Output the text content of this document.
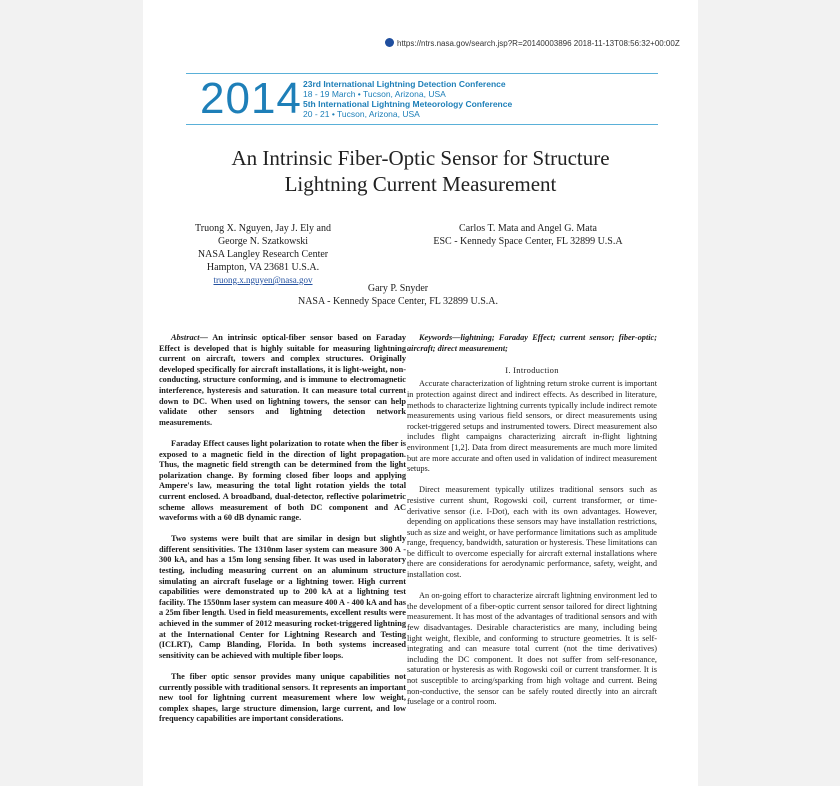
https://ntrs.nasa.gov/search.jsp?R=20140003896 2018-11-13T08:56:32+00:00Z
2014 23rd International Lightning Detection Conference
18 - 19 March • Tucson, Arizona, USA
5th International Lightning Meteorology Conference
20 - 21 • Tucson, Arizona, USA
An Intrinsic Fiber-Optic Sensor for Structure
Lightning Current Measurement
Truong X. Nguyen, Jay J. Ely and
George N. Szatkowski
NASA Langley Research Center
Hampton, VA 23681 U.S.A.
truong.x.nguyen@nasa.gov
Carlos T. Mata and Angel G. Mata
ESC - Kennedy Space Center, FL 32899 U.S.A
Gary P. Snyder
NASA - Kennedy Space Center, FL 32899 U.S.A.

Abstract— An intrinsic optical-fiber sensor based on Faraday Effect is developed that is highly suitable for measuring lightning current on aircraft, towers and complex structures. Originally developed specifically for aircraft installations, it is light-weight, non-conducting, structure conforming, and is immune to electromagnetic interference, hysteresis and saturation. It can measure total current down to DC. When used on lightning towers, the sensor can help validate other sensors and lightning detection network measurements.

Faraday Effect causes light polarization to rotate when the fiber is exposed to a magnetic field in the direction of light propagation. Thus, the magnetic field strength can be determined from the light polarization change. By forming closed fiber loops and applying Ampere's law, measuring the total light rotation yields the total current enclosed. A broadband, dual-detector, reflective polarimetric scheme allows measurement of both DC component and AC waveforms with a 60 dB dynamic range.

Two systems were built that are similar in design but slightly different sensitivities. The 1310nm laser system can measure 300 A - 300 kA, and has a 15m long sensing fiber. It was used in laboratory testing, including measuring current on an aluminum structure simulating an aircraft fuselage or a lightning tower. High current capabilities were demonstrated up to 200 kA at a lightning test facility. The 1550nm laser system can measure 400 A - 400 kA and has a 25m fiber length. Used in field measurements, excellent results were achieved in the summer of 2012 measuring rocket-triggered lightning at the International Center for Lightning Research and Testing (ICLRT), Camp Blanding, Florida. In both systems increased sensitivity can be achieved with multiple fiber loops.

The fiber optic sensor provides many unique capabilities not currently possible with traditional sensors. It represents an important new tool for lightning current measurement where low weight, complex shapes, large structure dimension, large current, and low frequency capabilities are important considerations.

Keywords—lightning; Faraday Effect; current sensor; fiber-optic; aircraft; direct measurement;

I. Introduction

Accurate characterization of lightning return stroke current is important in protection against direct and indirect effects. As described in literature, methods to characterize lightning currents typically include indirect remote measurements using various field sensors, or direct measurements using rocket-triggered setups and instrumented towers. Direct measurement also includes flight campaigns characterizing aircraft in-flight lightning environment [1,2]. Data from direct measurements are much more limited but are more accurate and often used in validation of indirect measurement setups.

Direct measurement typically utilizes traditional sensors such as resistive current shunt, Rogowski coil, current transformer, or time-derivative sensor (i.e. I-Dot), each with its own advantages. However, depending on applications these sensors may have installation restrictions, such as size and weight, or have performance limitations such as amplitude range, frequency, bandwidth, saturation or hysteresis. These limitations can be difficult to overcome especially for aircraft external installations where there are considerations for aerodynamic performance, safety, weight, and installation cost.

An on-going effort to characterize aircraft lightning environment led to the development of a fiber-optic current sensor tailored for direct lightning measurement. It has most of the advantages of traditional sensors and with few disadvantages. Desirable characteristics are many, including being light weight, flexible, and conforming to structure geometries. It is self-integrating and can measure total current (not the time derivatives) including the DC component. It does not suffer from self-resonance, saturation or hysteresis as with Rogowski coil or current transformer. It is not susceptible to arcing/sparking from high voltage and current. Being non-conductive, the sensor can be safely routed directly into an aircraft fuselage or a control room.
